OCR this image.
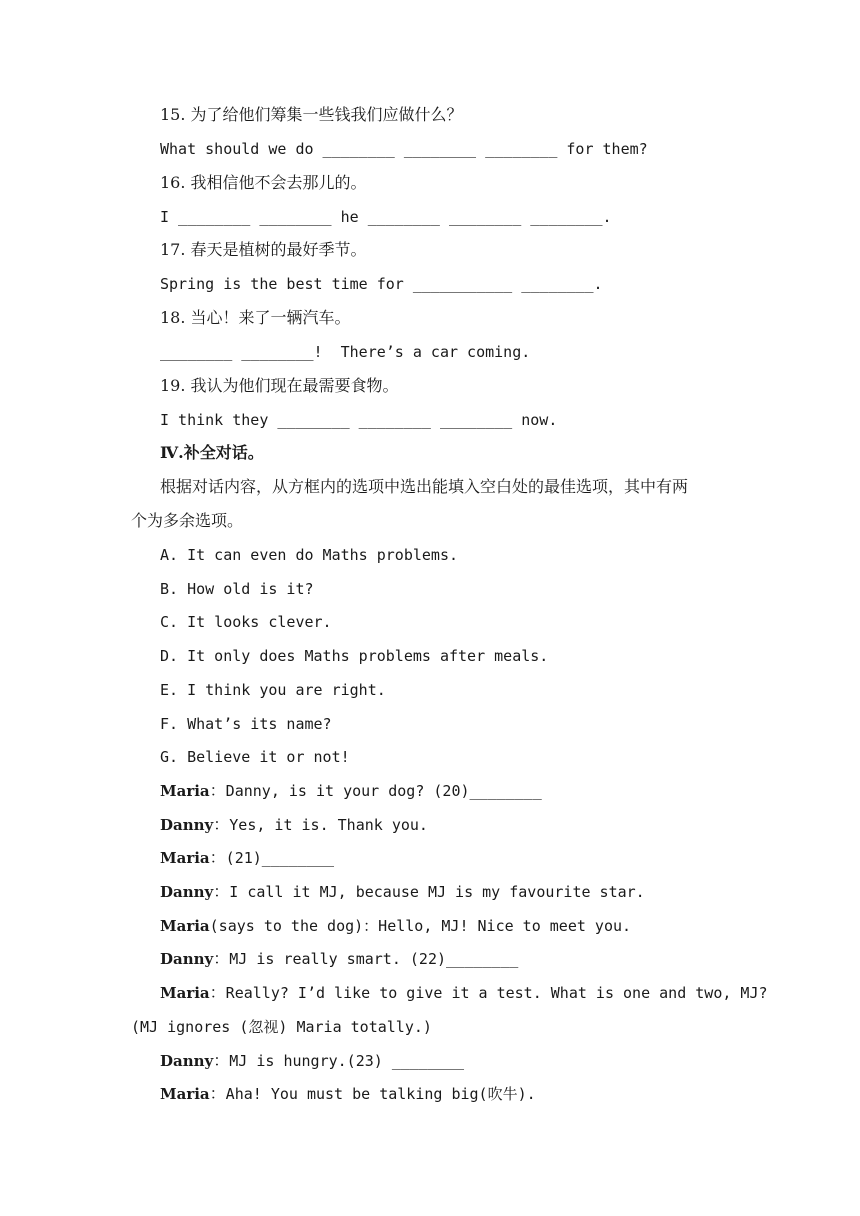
15. 为了给他们筹集一些钱我们应做什么？
What should we do ________ ________ ________ for them?
16. 我相信他不会去那儿的。
I ________ ________ he ________ ________ ________.
17. 春天是植树的最好季节。
Spring is the best time for ___________ ________.
18. 当心！来了一辆汽车。
________ ________!  There’s a car coming.
19. 我认为他们现在最需要食物。
I think they ________ ________ ________ now.
Ⅳ.补全对话。
根据对话内容，从方框内的选项中选出能填入空白处的最佳选项，其中有两
个为多余选项。
A. It can even do Maths problems.
B. How old is it?
C. It looks clever.
D. It only does Maths problems after meals.
E. I think you are right.
F. What’s its name?
G. Believe it or not!
Maria：Danny, is it your dog? (20)________
Danny：Yes, it is. Thank you.
Maria：(21)________
Danny：I call it MJ, because MJ is my favourite star.
Maria(says to the dog)：Hello, MJ! Nice to meet you.
Danny：MJ is really smart. (22)________
Maria：Really? I’d like to give it a test. What is one and two, MJ?
(MJ ignores (忽视) Maria totally.)
Danny：MJ is hungry.(23) ________
Maria：Aha! You must be talking big(吹牛).
